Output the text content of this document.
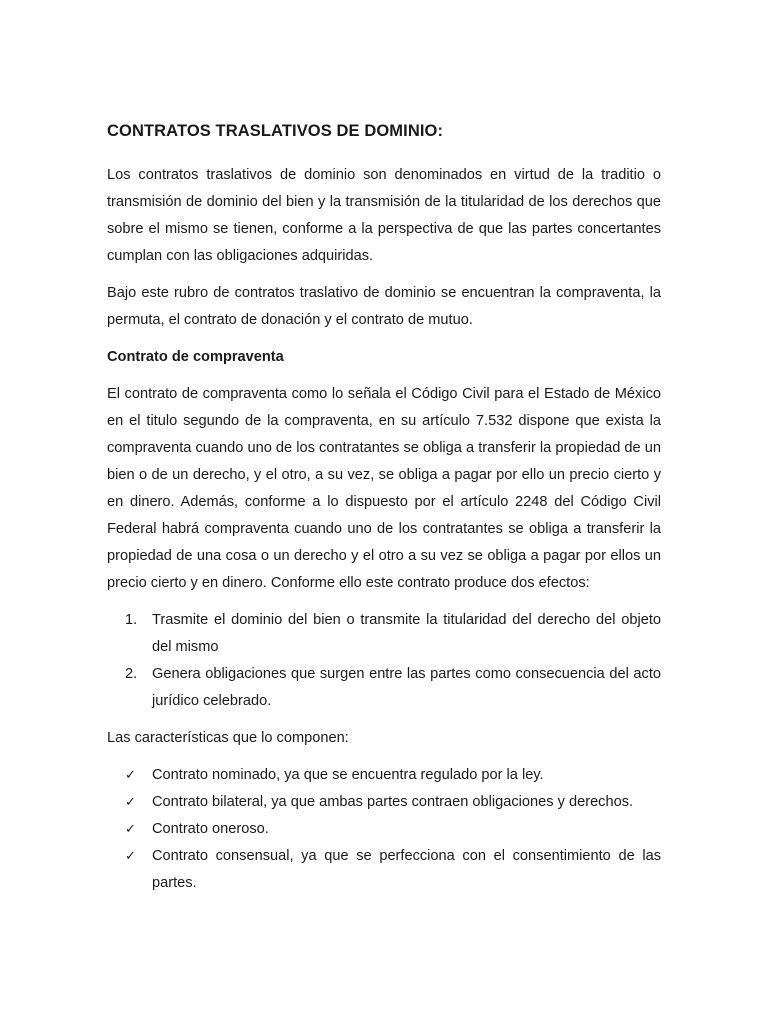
CONTRATOS TRASLATIVOS DE DOMINIO:

Los contratos traslativos de dominio son denominados en virtud de la traditio o transmisión de dominio del bien y la transmisión de la titularidad de los derechos que sobre el mismo se tienen, conforme a la perspectiva de que las partes concertantes cumplan con las obligaciones adquiridas.

Bajo este rubro de contratos traslativo de dominio se encuentran la compraventa, la permuta, el contrato de donación y el contrato de mutuo.

Contrato de compraventa

El contrato de compraventa como lo señala el Código Civil para el Estado de México en el titulo segundo de la compraventa, en su artículo 7.532 dispone que exista la compraventa cuando uno de los contratantes se obliga a transferir la propiedad de un bien o de un derecho, y el otro, a su vez, se obliga a pagar por ello un precio cierto y en dinero. Además, conforme a lo dispuesto por el artículo 2248 del Código Civil Federal habrá compraventa cuando uno de los contratantes se obliga a transferir la propiedad de una cosa o un derecho y el otro a su vez se obliga a pagar por ellos un precio cierto y en dinero. Conforme ello este contrato produce dos efectos:

1.	Trasmite el dominio del bien o transmite la titularidad del derecho del objeto del mismo
2.	Genera obligaciones que surgen entre las partes como consecuencia del acto jurídico celebrado.

Las características que lo componen:

✓	Contrato nominado, ya que se encuentra regulado por la ley.
✓	Contrato bilateral, ya que ambas partes contraen obligaciones y derechos.
✓	Contrato oneroso.
✓	Contrato consensual, ya que se perfecciona con el consentimiento de las partes.
